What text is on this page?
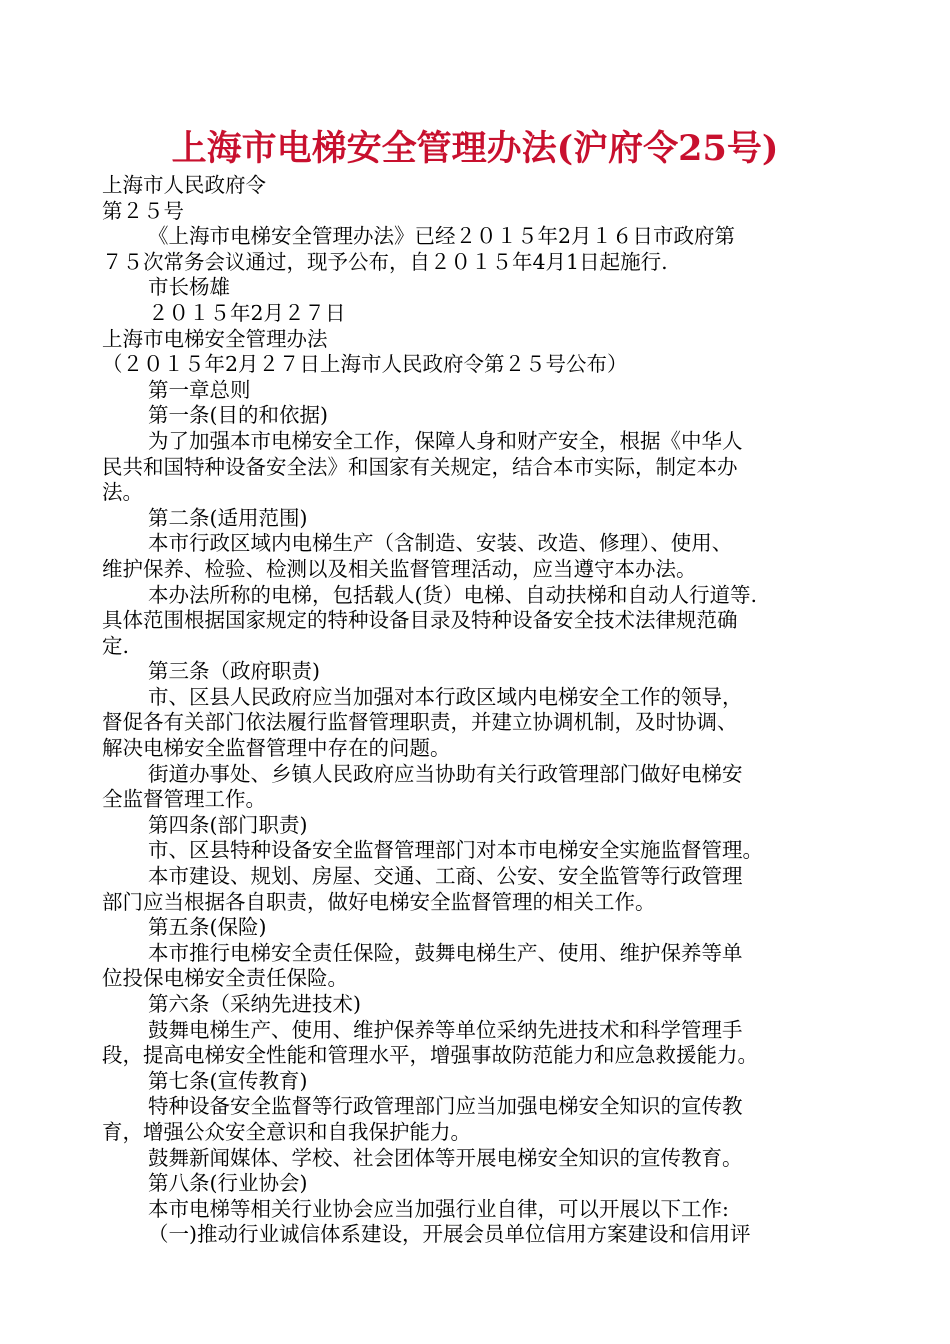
上海市电梯安全管理办法(沪府令25号)
上海市人民政府令
第２５号
《上海市电梯安全管理办法》已经２０１５年2月１６日市政府第
７５次常务会议通过，现予公布，自２０１５年4月1日起施行.
市长杨雄
２０１５年2月２７日
上海市电梯安全管理办法
（２０１５年2月２７日上海市人民政府令第２５号公布）
第一章总则
第一条(目的和依据)
为了加强本市电梯安全工作，保障人身和财产安全，根据《中华人
民共和国特种设备安全法》和国家有关规定，结合本市实际，制定本办
法。
第二条(适用范围)
本市行政区域内电梯生产（含制造、安装、改造、修理）、使用、
维护保养、检验、检测以及相关监督管理活动，应当遵守本办法。
本办法所称的电梯，包括载人(货）电梯、自动扶梯和自动人行道等.
具体范围根据国家规定的特种设备目录及特种设备安全技术法律规范确
定.
第三条（政府职责)
市、区县人民政府应当加强对本行政区域内电梯安全工作的领导，
督促各有关部门依法履行监督管理职责，并建立协调机制，及时协调、
解决电梯安全监督管理中存在的问题。
街道办事处、乡镇人民政府应当协助有关行政管理部门做好电梯安
全监督管理工作。
第四条(部门职责)
市、区县特种设备安全监督管理部门对本市电梯安全实施监督管理。
本市建设、规划、房屋、交通、工商、公安、安全监管等行政管理
部门应当根据各自职责，做好电梯安全监督管理的相关工作。
第五条(保险)
本市推行电梯安全责任保险，鼓舞电梯生产、使用、维护保养等单
位投保电梯安全责任保险。
第六条（采纳先进技术)
鼓舞电梯生产、使用、维护保养等单位采纳先进技术和科学管理手
段，提高电梯安全性能和管理水平，增强事故防范能力和应急救援能力。
第七条(宣传教育)
特种设备安全监督等行政管理部门应当加强电梯安全知识的宣传教
育，增强公众安全意识和自我保护能力。
鼓舞新闻媒体、学校、社会团体等开展电梯安全知识的宣传教育。
第八条(行业协会)
本市电梯等相关行业协会应当加强行业自律，可以开展以下工作:
（一)推动行业诚信体系建设，开展会员单位信用方案建设和信用评
